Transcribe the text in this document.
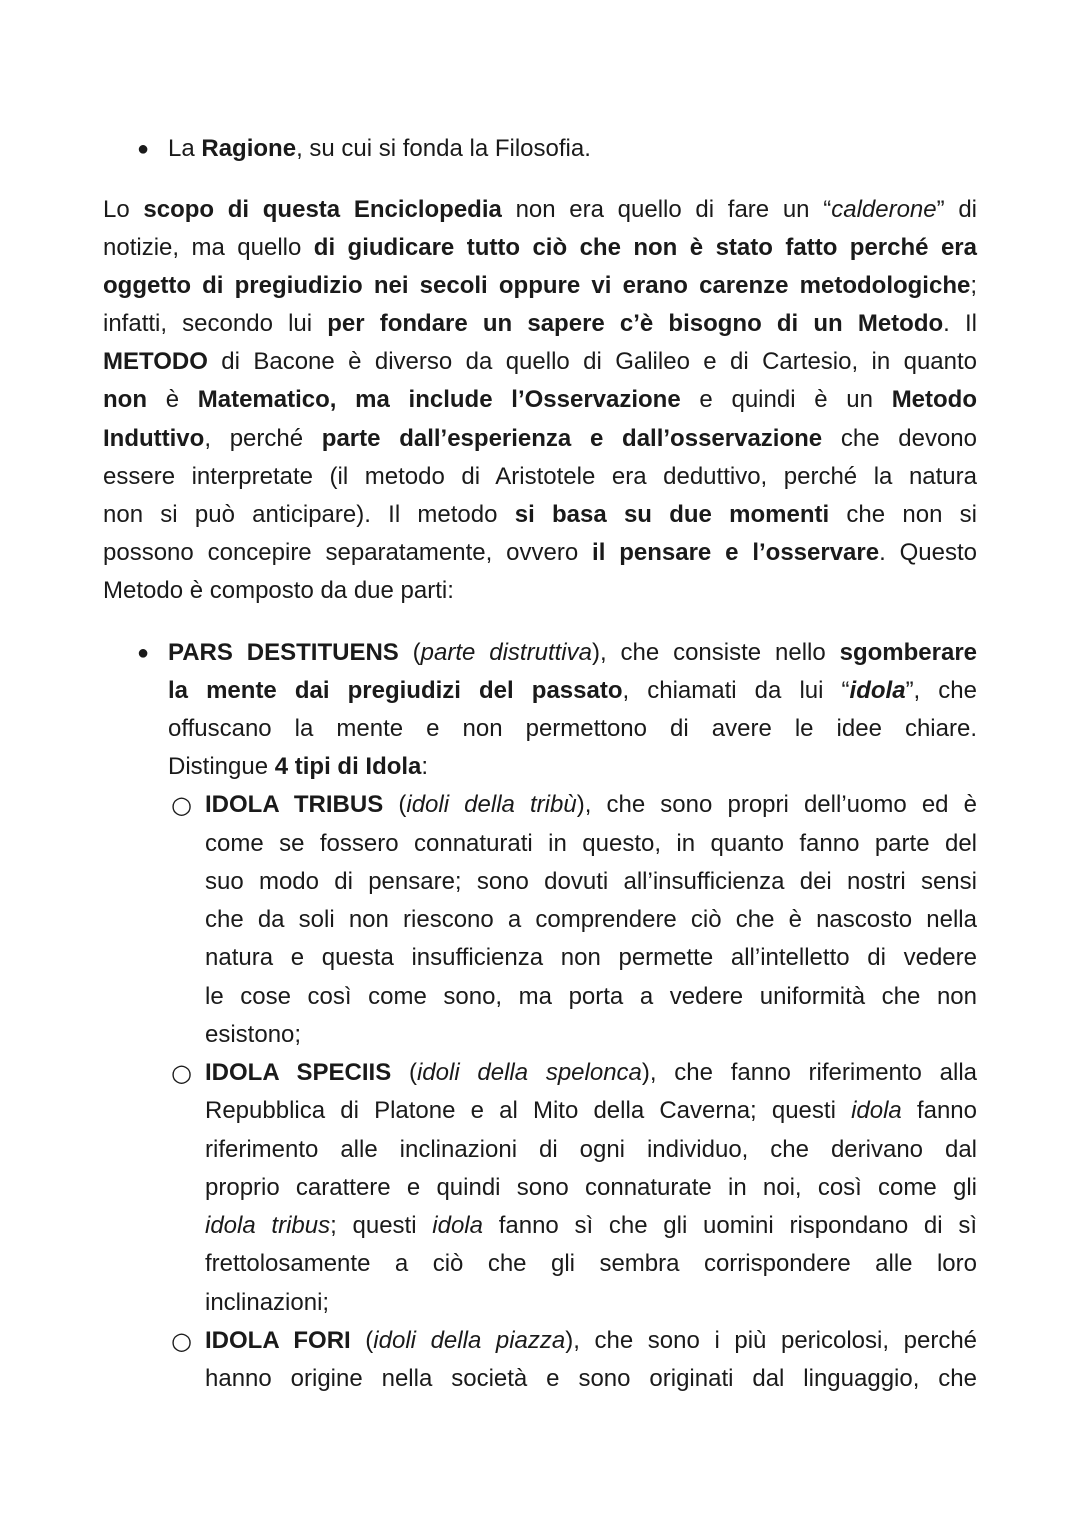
● La Ragione, su cui si fonda la Filosofia.
Lo scopo di questa Enciclopedia non era quello di fare un “calderone” di
notizie, ma quello di giudicare tutto ciò che non è stato fatto perché era
oggetto di pregiudizio nei secoli oppure vi erano carenze metodologiche;
infatti, secondo lui per fondare un sapere c’è bisogno di un Metodo. Il
METODO di Bacone è diverso da quello di Galileo e di Cartesio, in quanto
non è Matematico, ma include l’Osservazione e quindi è un Metodo
Induttivo, perché parte dall’esperienza e dall’osservazione che devono
essere interpretate (il metodo di Aristotele era deduttivo, perché la natura
non si può anticipare). Il metodo si basa su due momenti che non si
possono concepire separatamente, ovvero il pensare e l’osservare. Questo
Metodo è composto da due parti:
● PARS DESTITUENS (parte distruttiva), che consiste nello sgomberare
la mente dai pregiudizi del passato, chiamati da lui “idola”, che
offuscano la mente e non permettono di avere le idee chiare.
Distingue 4 tipi di Idola:
○ IDOLA TRIBUS (idoli della tribù), che sono propri dell’uomo ed è
come se fossero connaturati in questo, in quanto fanno parte del
suo modo di pensare; sono dovuti all’insufficienza dei nostri sensi
che da soli non riescono a comprendere ciò che è nascosto nella
natura e questa insufficienza non permette all’intelletto di vedere
le cose così come sono, ma porta a vedere uniformità che non
esistono;
○ IDOLA SPECIIS (idoli della spelonca), che fanno riferimento alla
Repubblica di Platone e al Mito della Caverna; questi idola fanno
riferimento alle inclinazioni di ogni individuo, che derivano dal
proprio carattere e quindi sono connaturate in noi, così come gli
idola tribus; questi idola fanno sì che gli uomini rispondano di sì
frettolosamente a ciò che gli sembra corrispondere alle loro
inclinazioni;
○ IDOLA FORI (idoli della piazza), che sono i più pericolosi, perché
hanno origine nella società e sono originati dal linguaggio, che
